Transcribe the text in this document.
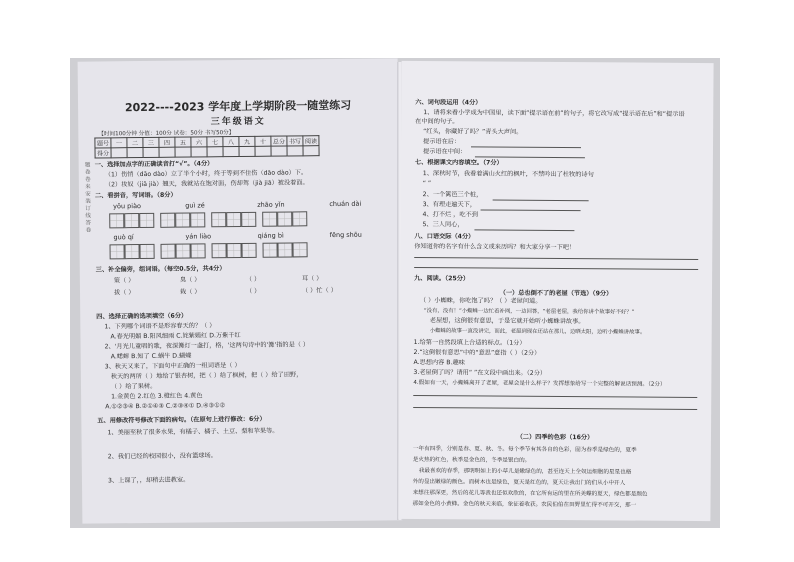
2022----2023 学年度上学期阶段一随堂练习
三年级语文
【时间100分钟 分值：100分 试卷：50分 书写50分】
题号	一	二	三	四	五	六	七	八	九	十	总分	书写	阅读
得分													
题 卷 卷 来 安 装 订 线 答 卷 一、选择加点字的正确读音打“√”。（4分）
（1）伤悄（dāo dào）立了半个小时，终于等到不住伤（dāo dào）下。
（2）妆奴（jiā jià）翘天，我就站在饱对面，伤却驾（jià jiā）被没着面。
二、看拼音，写词语。（8分）
yōu piào	guì zé	zhāo yǐn	chuán dài
guò qí	yán liào	qiáng bì	fēng shōu
三、补全偏旁，组词语。（每空0.5分，共4分）
策（ ）	臭（ ）	（ ）	耳（ ）
拔（ ）	栽（ ）	（ ）	（ ）忙（ ）
四、选择正确的选项填空（6分）
1、下列哪个词语不是形容春天的？（ ）
A.春光明媚 B.阳风细雨 C.姹紫嫣红 D.万紫千红
2、'月光儿童唱的歌，夜深篝灯一盏打，格，'这两句诗中的'篝'指的是（ ）
A.蟋蟀 B.知了 C.蜗牛 D.蝴蝶
3、秋天又来了，下面句中正确的一组词语是（ ）
秋天的两所（ ）地给了银杏树，把（ ）给了枫树，把（ ）给了田野，
（ ）给了果树。
1.金黄色 2.红色 3.橙红色 4.黄色
A.①②③④ B.②①④③ C.②③④① D.④③①②
五、用修改符号修改下面的病句。（在原句上进行修改：6分）
1、美丽至秋了很多水果，有橘子、橘子、土豆、梨和苹果等。
2、我们已经的校园很小，没有篮球场。
3、上课了，，却稍去进教室。
六、词句段运用（4分）
1、请将来看小学成为中国里，读下面“提示语在前”的句子，将它改写成“提示语在后”和“提示语
在中间的句子。
“红头，你藏好了吗？”青头大声问。
提示语在后：
提示语在中间：
七、根据课文内容填空。（7分）
1、深秋时节，我看着满山火红的枫叶，不禁吟出了杜牧的诗句
“ ”
2、一个篱笆三个桩，
3、有理走遍天下，
4、打不烂 ，吃不到
5、三人同心，
八、口语交际（4分）
你知道你的名字有什么含义或来历吗？和大家分享一下吧！
九、阅读。（25分）
（一）总也倒不了的老屋（节选）（9分）
（ ）小蜘蛛，你吃饱了吗？（ ）老屋问道。
“没有，没有！”小蜘蛛一边忙着补网，一边回答，“老屋老屋，我给你讲个故事好不好？”
老屋想，这倒很有意思，于是它就开始听小蜘蛛讲故事。
小蜘蛛的故事一直没讲完，而此，老屋到现在还站在那儿，边晒太阳，边听小蜘蛛讲故事。
1.给第一自然段填上合适的标点。（1分）
2.“这倒很有意思”中的“意思”意指（ ）（2分）
A.思想内容 B.趣味
3.老屋倒了吗？请用“ ”在文段中画出来。（2分）
4.假如有一天，小蜘蛛离开了老屋，老屋会是什么样子？发挥想象给写一个完整的解说话预测。（2分）
（二）四季的色彩（16分）
一年有四季，分别是春、夏、秋、冬。每个季节有其各自的色彩，固为春季是绿色的，夏季
是火热的红色，秋季是金色的，冬季是银白的。
我最喜欢的春季，那明明如上的小草儿是嫩绿色的，甚至连天上全奴运细胞的星星也格
外的显出嫩绿的颜色。而树木也是绿色，夏天是红色的，夏天让我出门的们从小中开人
来想往那深更，然后的花儿等我也还似欢欣的，在它所有运的里在所美蝶的夏天，绿色都是颜色
那如金色的小黄蜂。金色的秋天来临，象征着收获。农民伯伯在田野里忙得不可开交，那一
